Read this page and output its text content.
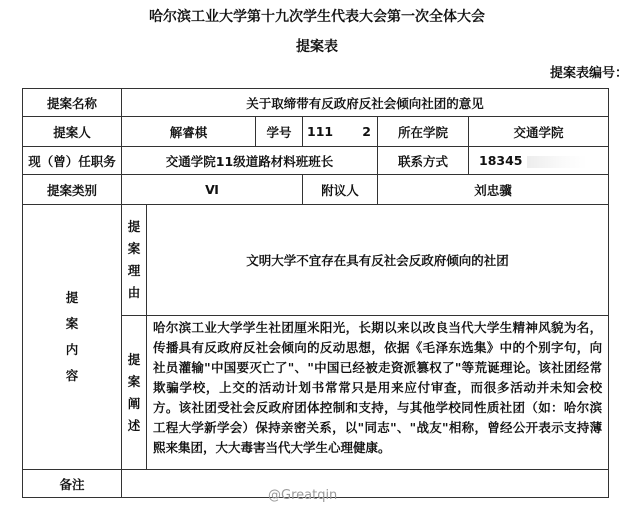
哈尔滨工业大学第十九次学生代表大会第一次全体大会
提案表
提案表编号：
提案名称	关于取缔带有反政府反社会倾向社团的意见					
提案人	解睿棋		学号	111 2	所在学院	交通学院
现（曾）任职务	交通学院11级道路材料班班长				联系方式	18345
提案类别	Ⅵ			附议人	刘忠骥	

提案内容	提案理由	文明大学不宜存在具有反社会反政府倾向的社团				

	提案阐述	哈尔滨工业大学学生社团厘米阳光，长期以来以改良当代大学生精神风貌为名，传播具有反政府反社会倾向的反动思想，依据《毛泽东选集》中的个别字句，向社员灌输"中国要灭亡了"、"中国已经被走资派篡权了"等荒诞理论。该社团经常欺骗学校，上交的活动计划书常常只是用来应付审查，而很多活动并未知会校方。该社团受社会反政府团体控制和支持，与其他学校同性质社团（如：哈尔滨工程大学新学会）保持亲密关系，以"同志"、"战友"相称，曾经公开表示支持薄熙来集团，大大毒害当代大学生心理健康。				

备注						
@Greatqin
